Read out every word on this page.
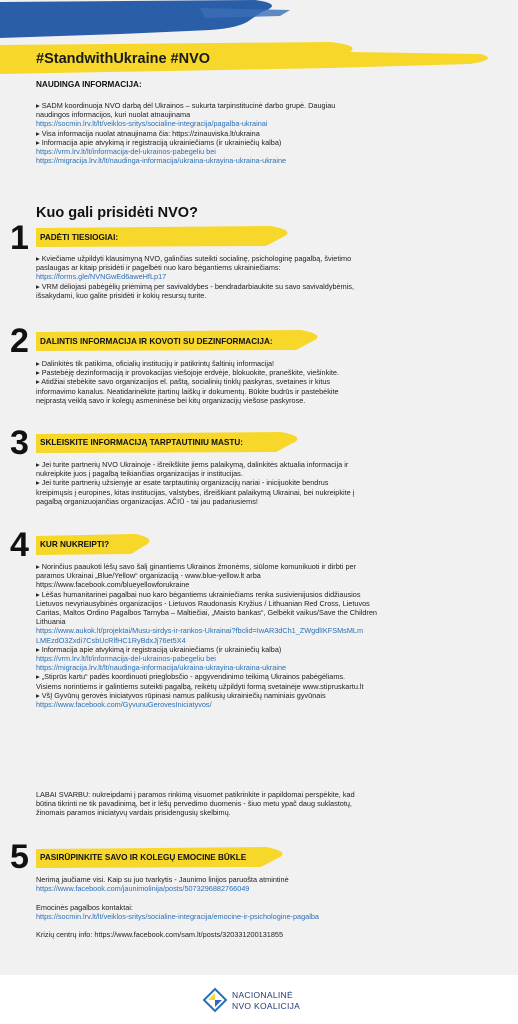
#StandwithUkraine #NVO
NAUDINGA INFORMACIJA:
▸ SADM koordinuoja NVO darbą dėl Ukrainos – sukurta tarpinstitucinė darbo grupė. Daugiau
naudingos informacijos, kuri nuolat atnaujinama
https://socmin.lrv.lt/lt/veiklos-sritys/socialine-integracija/pagalba-ukrainai
▸ Visa informacija nuolat atnaujinama čia: https://zinauviska.lt/ukraina
▸ Informacija apie atvykimą ir registraciją ukrainiečiams (ir ukrainiečių kalba)
https://vrm.lrv.lt/lt/informacija-del-ukrainos-pabegeliu bei
https://migracija.lrv.lt/lt/naudinga-informacija/ukraina-ukrayina-ukraina-ukraine
Kuo gali prisidėti NVO?
1 PADĖTI TIESIOGIAI:
▸ Kviečiame užpildyti klausimyną NVO, galinčias suteikti socialinę, psichologinę pagalbą, švietimo
paslaugas ar kitaip prisidėti ir pagelbėti nuo karo bėgantiems ukrainiečiams:
https://forms.gle/NVNGwEd6aweHfLp17
▸ VRM dėliojasi pabėgėlių priėmimą per savivaldybes - bendradarbiaukite su savo savivaldybėmis,
išsakydami, kuo galite prisidėti ir kokių resursų turite.
2 DALINTIS INFORMACIJA IR KOVOTI SU DEZINFORMACIJA:
▸ Dalinkitės tik patikima, oficialių institucijų ir patikrintų šaltinių informacija!
▸ Pastebėję dezinformaciją ir provokacijas viešojoje erdvėje, blokuokite, praneškite, viešinkite.
▸ Atidžiai stebėkite savo organizacijos el. paštą, socialinių tinklų paskyras, svetaines ir kitus
informavimo kanalus. Neatidarinėkite įtartinų laiškų ir dokumentų. Būkite budrūs ir pastebėkite
neįprastą veiklą savo ir kolegų asmeninėse bei kitų organizacijų viešose paskyrose.
3 SKLEISKITE INFORMACIJĄ TARPTAUTINIU MASTU:
▸ Jei turite partnerių NVO Ukrainoje - išreikškite jiems palaikymą, dalinkitės aktualia informacija ir
nukreipkite juos į pagalbą teikiančias organizacijas ir institucijas.
▸ Jei turite partnerių užsienyje ar esate tarptautinių organizacijų nariai - inicijuokite bendrus
kreipimųsis į europines, kitas institucijas, valstybes, išreiškiant palaikymą Ukrainai, bei nukreipkite į
pagalbą organizuojančias organizacijas. AČIŪ - tai jau padariusiems!
4 KUR NUKREIPTI?
▸ Norinčius paaukoti lėšų savo šalį ginantiems Ukrainos žmonėms, siūlome komunikuoti ir dirbti per
paramos Ukrainai „Blue/Yellow“ organizaciją - www.blue-yellow.lt arba
https://www.facebook.com/blueyellowforukraine
▸ Lėšas humanitarinei pagalbai nuo karo bėgantiems ukrainiečiams renka susivienijusios didžiausios
Lietuvos nevyriausybinės organizacijos - Lietuvos Raudonasis Kryžius / Lithuanian Red Cross, Lietuvos
Caritas, Maltos Ordino Pagalbos Tarnyba – Maltiečiai, „Maisto bankas“, Gelbėkit vaikus/Save the Children
Lithuania
https://www.aukok.lt/projektai/Musu-sirdys-ir-rankos-Ukrainai?fbclid=IwAR3dCh1_ZWgdlIKFSMsMLm
LMEzdO3Zxdi7CsbUcRlfHC1RyBdxJj76et5X4
▸ Informacija apie atvykimą ir registraciją ukrainiečiams (ir ukrainiečių kalba)
https://vrm.lrv.lt/lt/informacija-del-ukrainos-pabegeliu bei
https://migracija.lrv.lt/lt/naudinga-informacija/ukraina-ukrayina-ukraina-ukraine
▸ „Stiprūs kartu“ padės koordinuoti prieglobsčio - apgyvendinimo teikimą Ukrainos pabėgėliams.
Visiems norintiems ir galintiems suteikti pagalbą, reikėtų užpildyti formą svetainėje www.stipruskartu.lt
▸ VšĮ Gyvūnų gerovės iniciatyvos rūpinasi namus palikusių ukrainiečių naminiais gyvūnais
https://www.facebook.com/GyvunuGerovesIniciatyvos/
LABAI SVARBU: nukreipdami į paramos rinkimą visuomet patikrinkite ir papildomai perspėkite, kad
būtina tikrinti ne tik pavadinimą, bet ir lėšų pervedimo duomenis - šiuo metu ypač daug suklastotų,
žinomais paramos iniciatyvų vardais prisidengusių skelbimų.
5 PASIRŪPINKITE SAVO IR KOLEGŲ EMOCINE BŪKLE
Nerimą jaučiame visi. Kaip su juo tvarkytis - Jaunimo linijos paruošta atmintinė
https://www.facebook.com/jaunimolinija/posts/5073296882766049

Emocinės pagalbos kontaktai:
https://socmin.lrv.lt/lt/veiklos-sritys/socialine-integracija/emocine-ir-psichologine-pagalba

Krizių centrų info: https://www.facebook.com/sam.lt/posts/320331200131855
NACIONALINĖ
NVO KOALICIJA
